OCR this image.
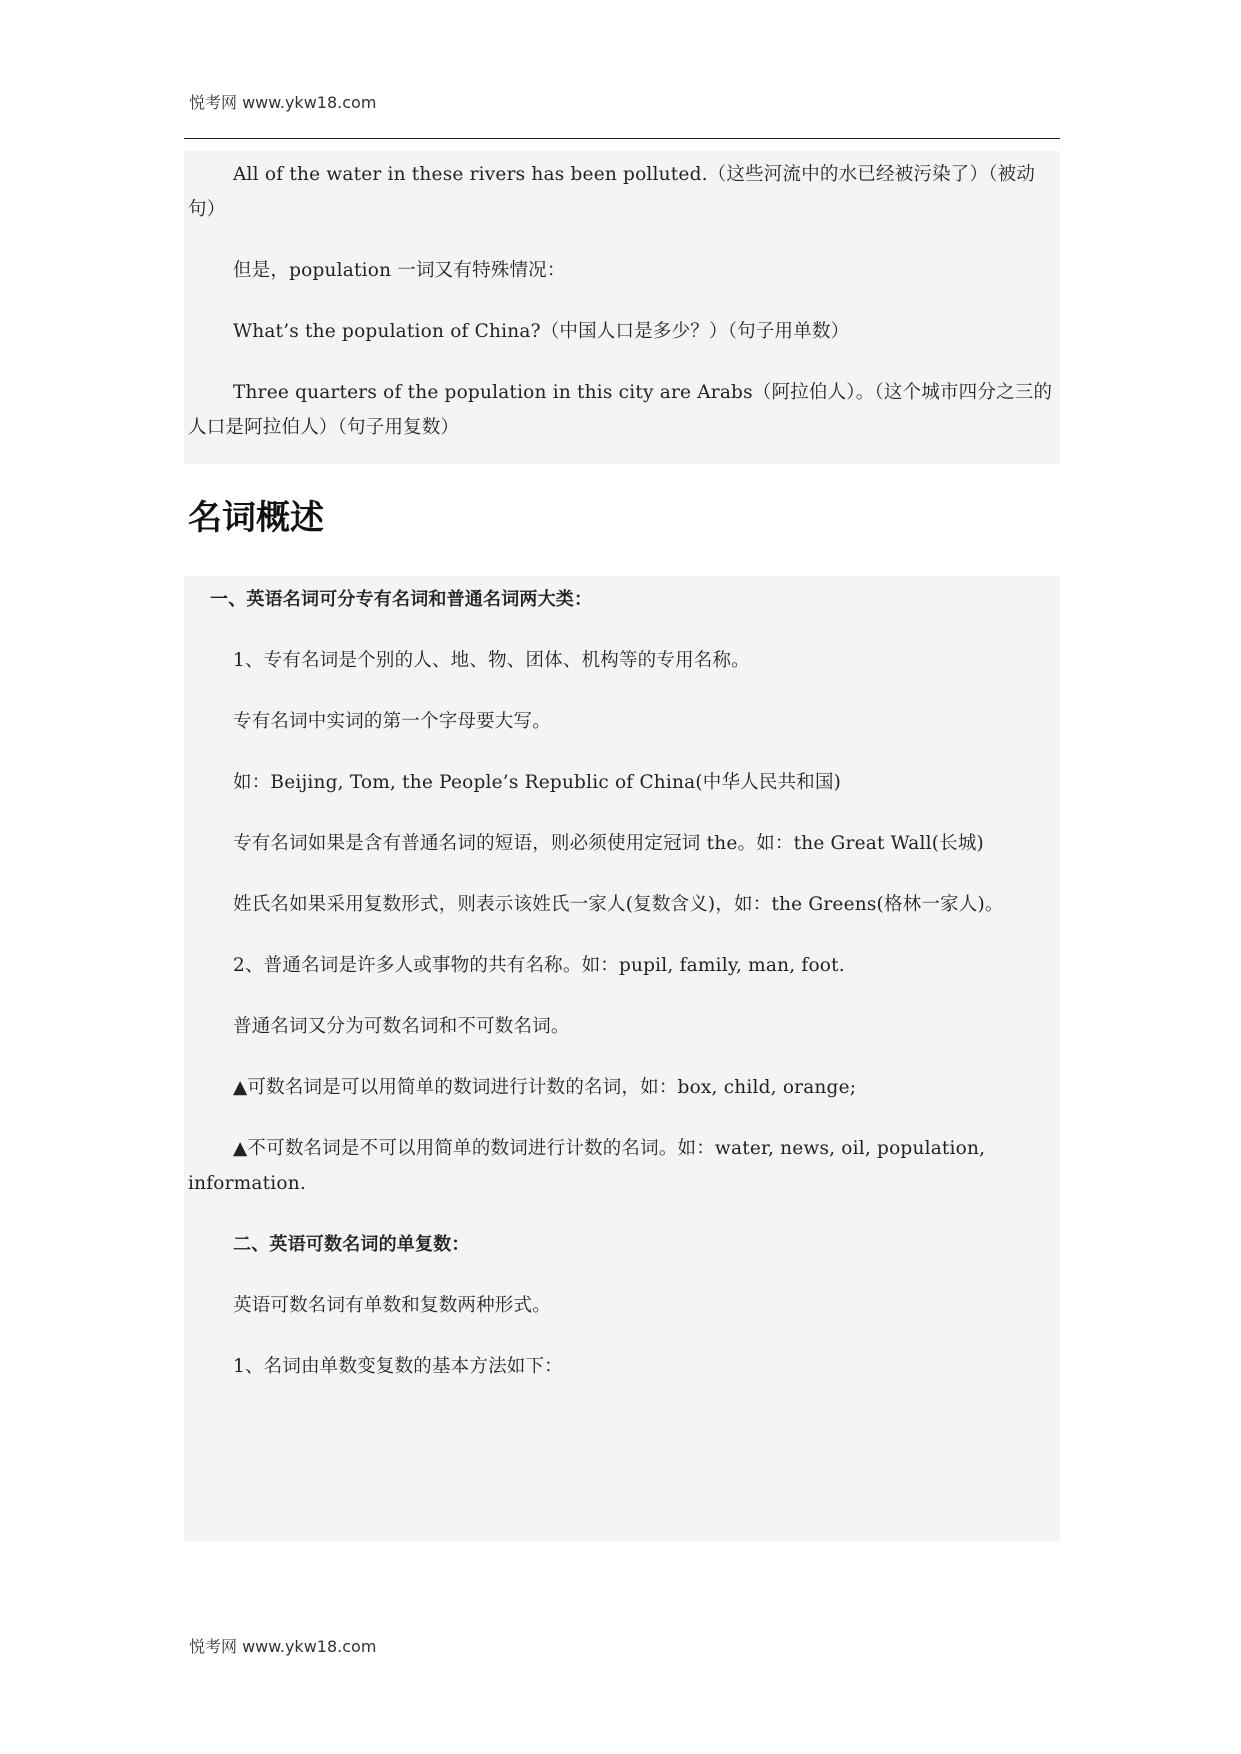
悦考网 www.ykw18.com

All of the water in these rivers has been polluted.（这些河流中的水已经被污染了）（被动句）

但是，population 一词又有特殊情况：

What’s the population of China?（中国人口是多少？）（句子用单数）

Three quarters of the population in this city are Arabs（阿拉伯人）。（这个城市四分之三的人口是阿拉伯人）（句子用复数）

名词概述

一、英语名词可分专有名词和普通名词两大类：

1、专有名词是个别的人、地、物、团体、机构等的专用名称。

专有名词中实词的第一个字母要大写。

如：Beijing, Tom, the People’s Republic of China(中华人民共和国)

专有名词如果是含有普通名词的短语，则必须使用定冠词 the。如：the Great Wall(长城)

姓氏名如果采用复数形式，则表示该姓氏一家人(复数含义)，如：the Greens(格林一家人)。

2、普通名词是许多人或事物的共有名称。如：pupil, family, man, foot.

普通名词又分为可数名词和不可数名词。

▲可数名词是可以用简单的数词进行计数的名词，如：box, child, orange;

▲不可数名词是不可以用简单的数词进行计数的名词。如：water, news, oil, population, information.

二、英语可数名词的单复数：

英语可数名词有单数和复数两种形式。

1、名词由单数变复数的基本方法如下：

悦考网 www.ykw18.com
